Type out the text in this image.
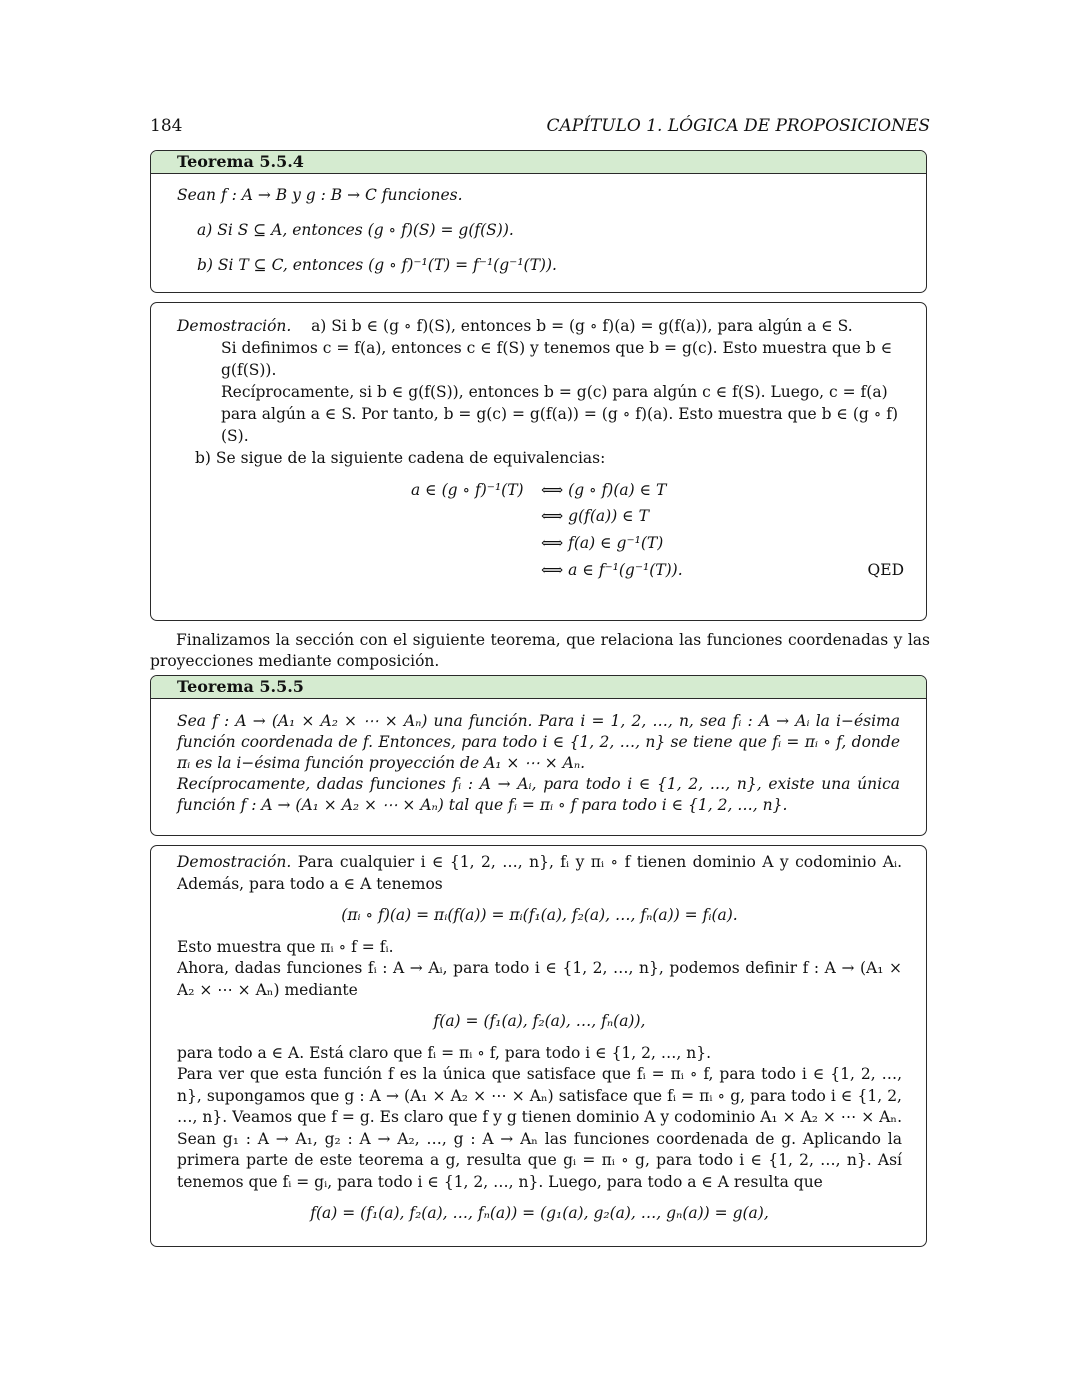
184	CAPÍTULO 1. LÓGICA DE PROPOSICIONES
Teorema 5.5.4
Sean f : A → B y g : B → C funciones.
a) Si S ⊆ A, entonces (g ∘ f)(S) = g(f(S)).
b) Si T ⊆ C, entonces (g ∘ f)⁻¹(T) = f⁻¹(g⁻¹(T)).

Demostración. a) Si b ∈ (g ∘ f)(S), entonces b = (g ∘ f)(a) = g(f(a)), para algún a ∈ S.

Si definimos c = f(a), entonces c ∈ f(S) y tenemos que b = g(c). Esto muestra que b ∈ g(f(S)).

Recíprocamente, si b ∈ g(f(S)), entonces b = g(c) para algún c ∈ f(S). Luego, c = f(a) para algún a ∈ S. Por tanto, b = g(c) = g(f(a)) = (g ∘ f)(a). Esto muestra que b ∈ (g ∘ f)(S).

b) Se sigue de la siguiente cadena de equivalencias:

a ∈ (g ∘ f)⁻¹(T) ⟺ (g ∘ f)(a) ∈ T
⟺ g(f(a)) ∈ T
⟺ f(a) ∈ g⁻¹(T)
⟺ a ∈ f⁻¹(g⁻¹(T)).	QED
Finalizamos la sección con el siguiente teorema, que relaciona las funciones coordenadas y las proyecciones mediante composición.
Teorema 5.5.5
Sea f : A → (A₁ × A₂ × ⋯ × Aₙ) una función. Para i = 1, 2, …, n, sea fᵢ : A → Aᵢ la i−ésima función coordenada de f. Entonces, para todo i ∈ {1, 2, …, n} se tiene que fᵢ = πᵢ ∘ f, donde πᵢ es la i−ésima función proyección de A₁ × ⋯ × Aₙ.
Recíprocamente, dadas funciones fᵢ : A → Aᵢ, para todo i ∈ {1, 2, …, n}, existe una única función f : A → (A₁ × A₂ × ⋯ × Aₙ) tal que fᵢ = πᵢ ∘ f para todo i ∈ {1, 2, …, n}.

Demostración. Para cualquier i ∈ {1, 2, …, n}, fᵢ y πᵢ ∘ f tienen dominio A y codominio Aᵢ. Además, para todo a ∈ A tenemos

(πᵢ ∘ f)(a) = πᵢ(f(a)) = πᵢ(f₁(a), f₂(a), …, fₙ(a)) = fᵢ(a).

Esto muestra que πᵢ ∘ f = fᵢ.

Ahora, dadas funciones fᵢ : A → Aᵢ, para todo i ∈ {1, 2, …, n}, podemos definir f : A → (A₁ × A₂ × ⋯ × Aₙ) mediante

f(a) = (f₁(a), f₂(a), …, fₙ(a)),

para todo a ∈ A. Está claro que fᵢ = πᵢ ∘ f, para todo i ∈ {1, 2, …, n}.

Para ver que esta función f es la única que satisface que fᵢ = πᵢ ∘ f, para todo i ∈ {1, 2, …, n}, supongamos que g : A → (A₁ × A₂ × ⋯ × Aₙ) satisface que fᵢ = πᵢ ∘ g, para todo i ∈ {1, 2, …, n}. Veamos que f = g. Es claro que f y g tienen dominio A y codominio A₁ × A₂ × ⋯ × Aₙ. Sean g₁ : A → A₁, g₂ : A → A₂, …, g : A → Aₙ las funciones coordenada de g. Aplicando la primera parte de este teorema a g, resulta que gᵢ = πᵢ ∘ g, para todo i ∈ {1, 2, …, n}. Así tenemos que fᵢ = gᵢ, para todo i ∈ {1, 2, …, n}. Luego, para todo a ∈ A resulta que

f(a) = (f₁(a), f₂(a), …, fₙ(a)) = (g₁(a), g₂(a), …, gₙ(a)) = g(a),
